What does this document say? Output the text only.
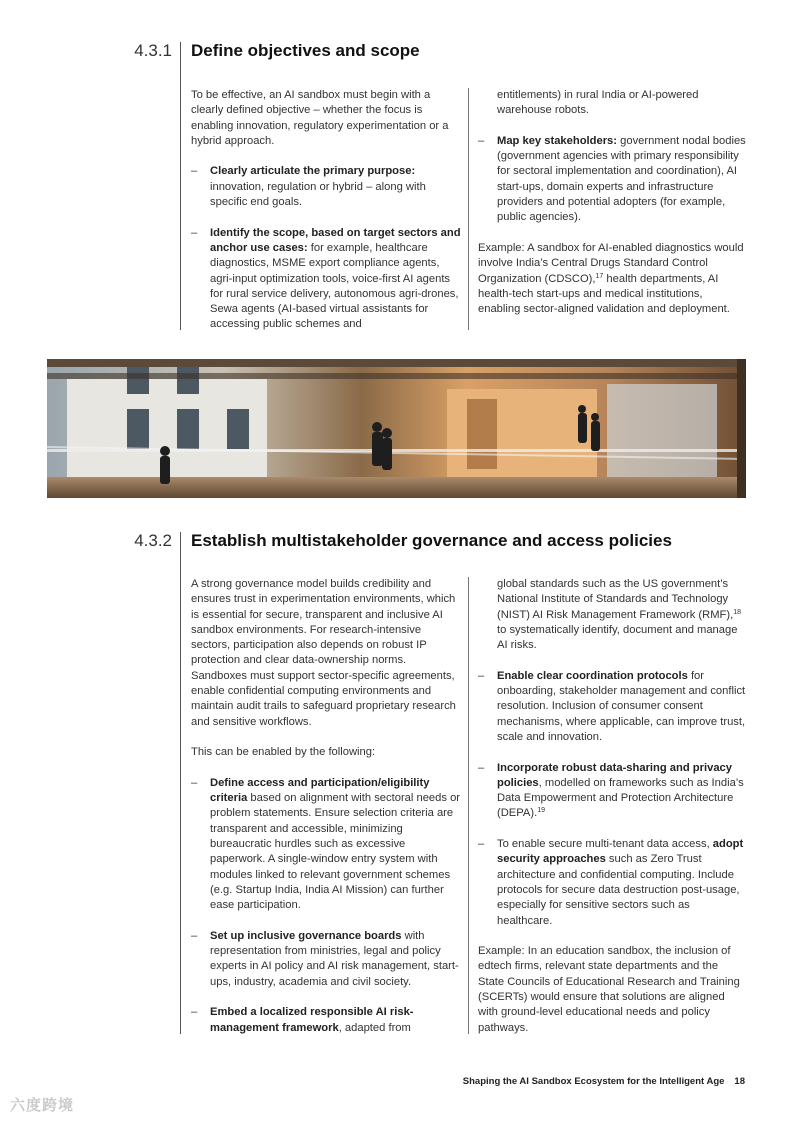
4.3.1 Define objectives and scope

To be effective, an AI sandbox must begin with a clearly defined objective – whether the focus is enabling innovation, regulatory experimentation or a hybrid approach.

– Clearly articulate the primary purpose: innovation, regulation or hybrid – along with specific end goals.
– Identify the scope, based on target sectors and anchor use cases: for example, healthcare diagnostics, MSME export compliance agents, agri-input optimization tools, voice-first AI agents for rural service delivery, autonomous agri-drones, Sewa agents (AI-based virtual assistants for accessing public schemes and

entitlements) in rural India or AI-powered warehouse robots.

– Map key stakeholders: government nodal bodies (government agencies with primary responsibility for sectoral implementation and coordination), AI start-ups, domain experts and infrastructure providers and potential adopters (for example, public agencies).

Example: A sandbox for AI-enabled diagnostics would involve India’s Central Drugs Standard Control Organization (CDSCO),$^{17}$ health departments, AI health-tech start-ups and medical institutions, enabling sector-aligned validation and deployment.

4.3.2 Establish multistakeholder governance and access policies

A strong governance model builds credibility and ensures trust in experimentation environments, which is essential for secure, transparent and inclusive AI sandbox environments. For research-intensive sectors, participation also depends on robust IP protection and clear data-ownership norms. Sandboxes must support sector-specific agreements, enable confidential computing environments and maintain audit trails to safeguard proprietary research and sensitive workflows.

This can be enabled by the following:

– Define access and participation/eligibility criteria based on alignment with sectoral needs or problem statements. Ensure selection criteria are transparent and accessible, minimizing bureaucratic hurdles such as excessive paperwork. A single-window entry system with modules linked to relevant government schemes (e.g. Startup India, India AI Mission) can further ease participation.
– Set up inclusive governance boards with representation from ministries, legal and policy experts in AI policy and AI risk management, start-ups, industry, academia and civil society.
– Embed a localized responsible AI risk-management framework, adapted from

global standards such as the US government’s National Institute of Standards and Technology (NIST) AI Risk Management Framework (RMF),$^{18}$ to systematically identify, document and manage AI risks.

– Enable clear coordination protocols for onboarding, stakeholder management and conflict resolution. Inclusion of consumer consent mechanisms, where applicable, can improve trust, scale and innovation.
– Incorporate robust data-sharing and privacy policies, modelled on frameworks such as India’s Data Empowerment and Protection Architecture (DEPA).$^{19}$
– To enable secure multi-tenant data access, adopt security approaches such as Zero Trust architecture and confidential computing. Include protocols for secure data destruction post-usage, especially for sensitive sectors such as healthcare.

Example: In an education sandbox, the inclusion of edtech firms, relevant state departments and the State Councils of Educational Research and Training (SCERTs) would ensure that solutions are aligned with ground-level educational needs and policy pathways.

Shaping the AI Sandbox Ecosystem for the Intelligent Age 18
六度跨境
